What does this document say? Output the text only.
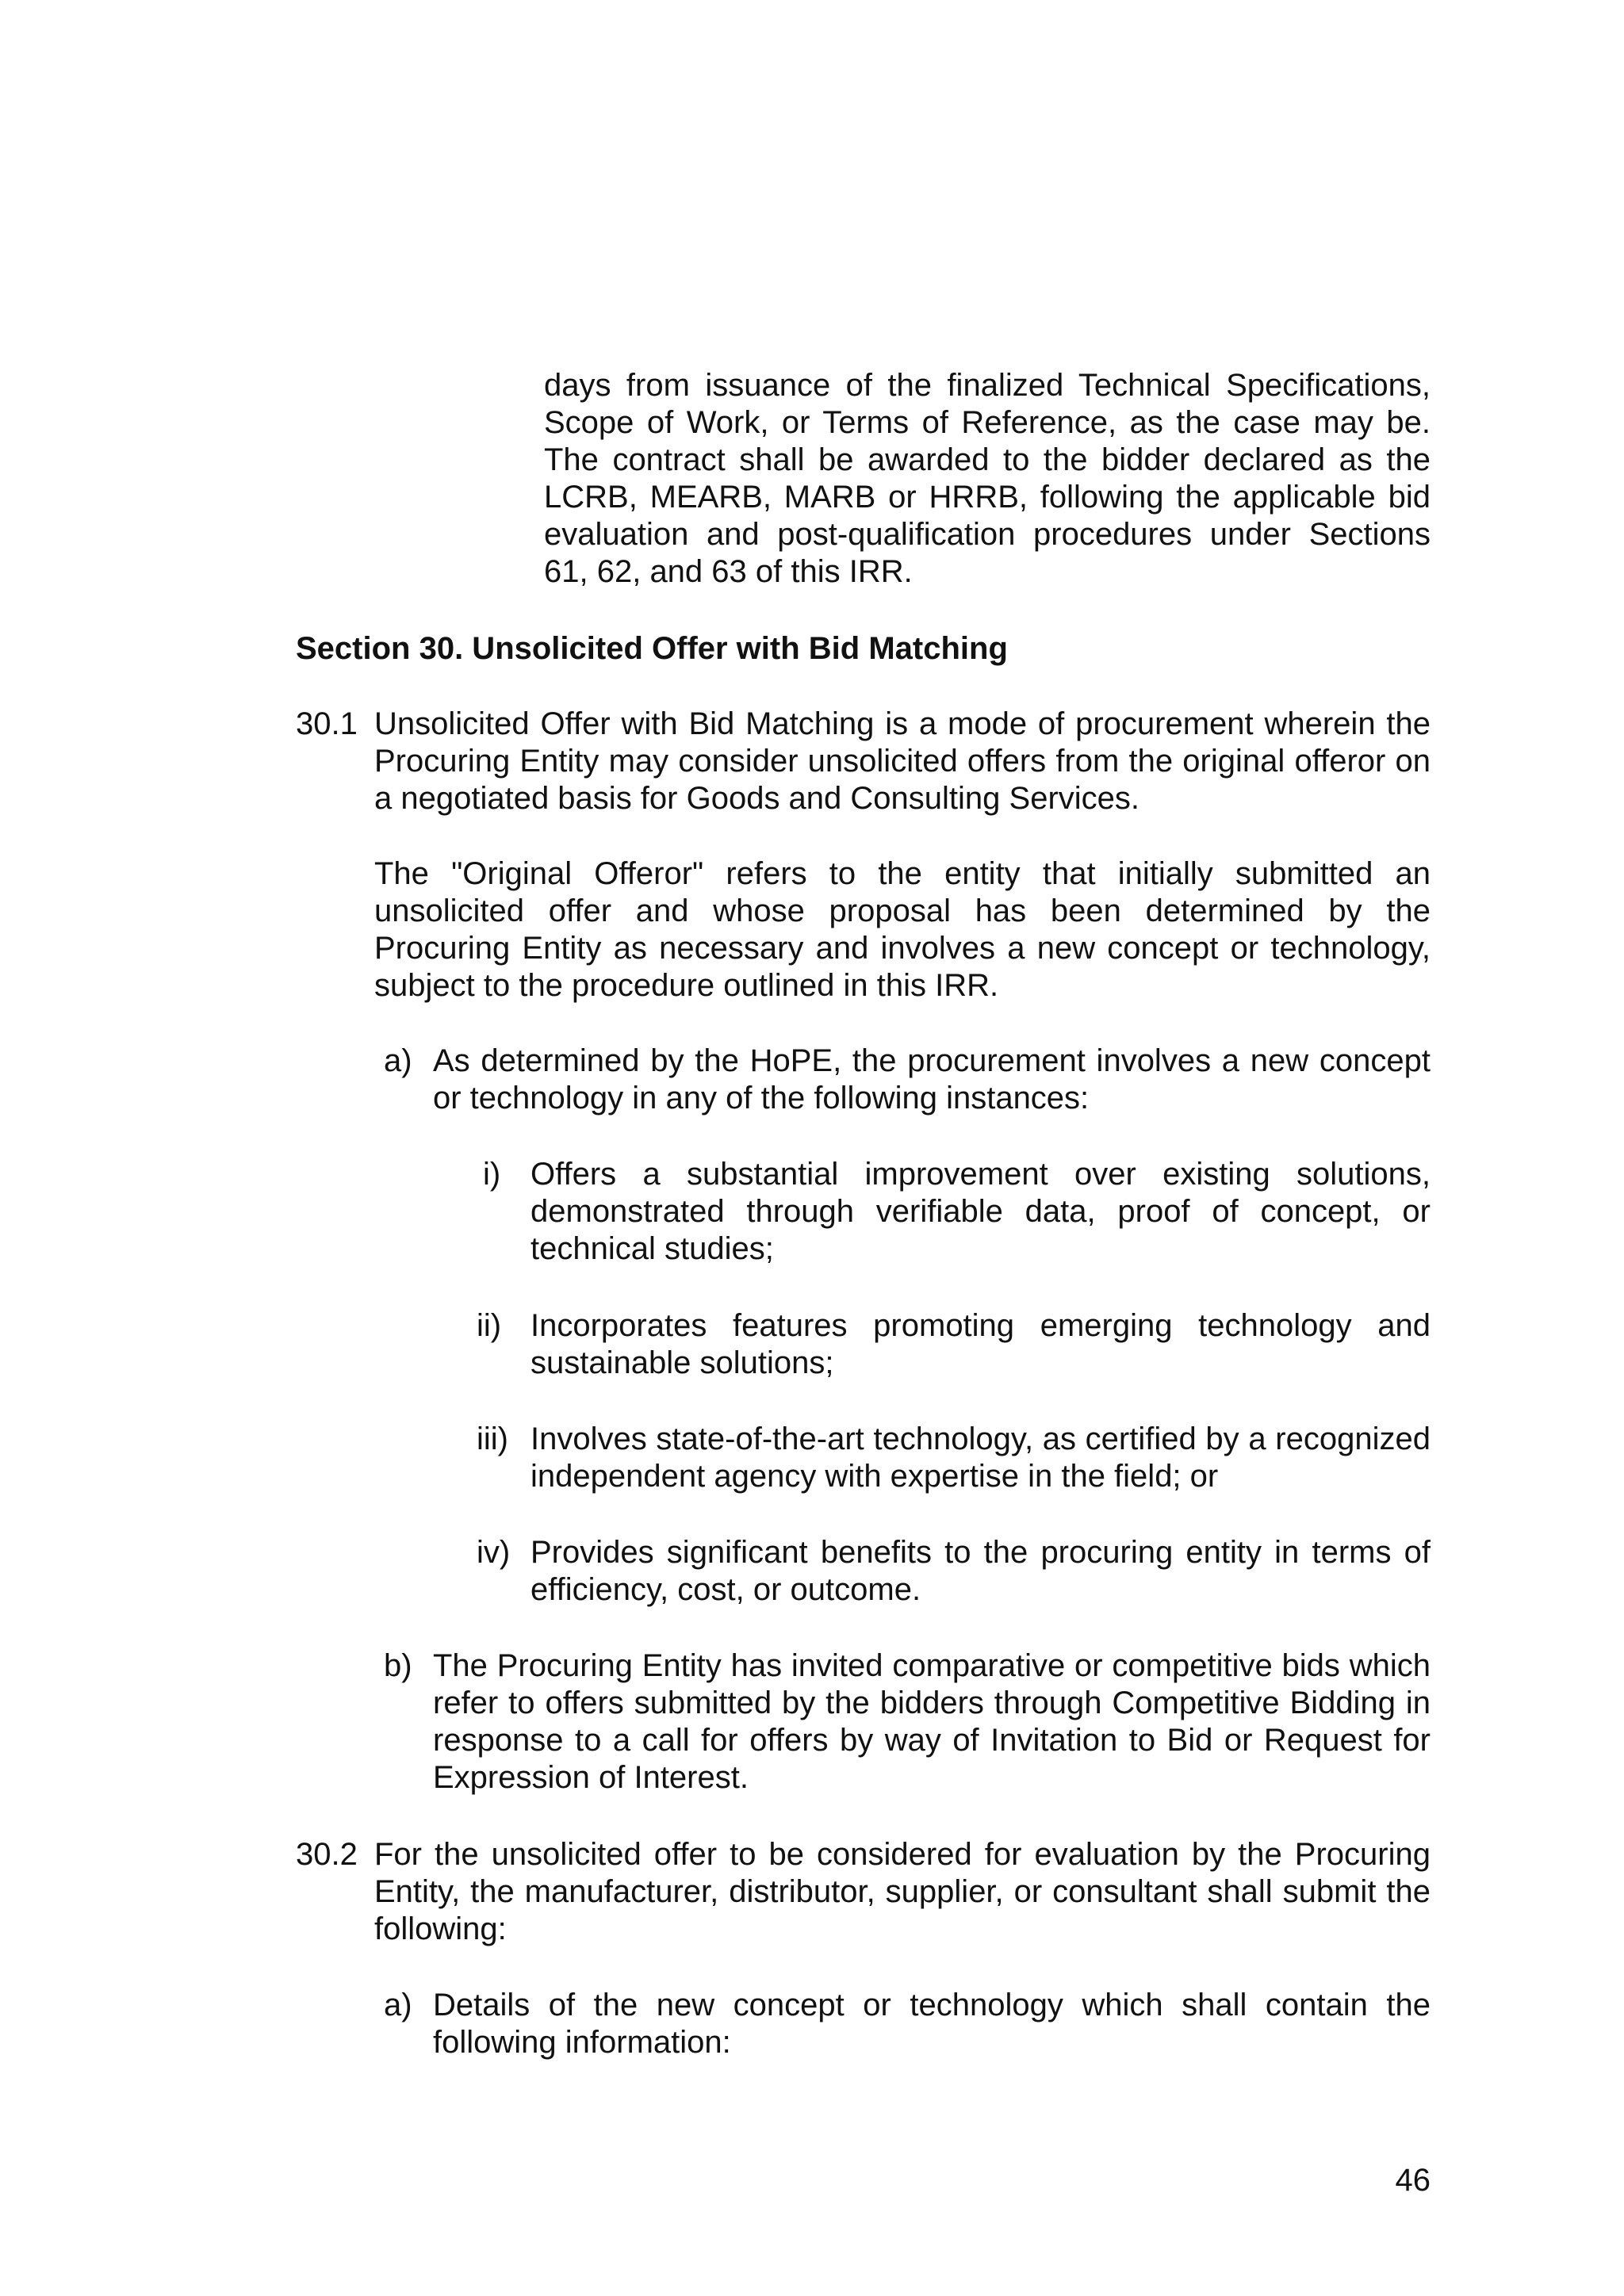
days from issuance of the finalized Technical Specifications, Scope of Work, or Terms of Reference, as the case may be. The contract shall be awarded to the bidder declared as the LCRB, MEARB, MARB or HRRB, following the applicable bid evaluation and post-qualification procedures under Sections 61, 62, and 63 of this IRR.

Section 30. Unsolicited Offer with Bid Matching
30.1 Unsolicited Offer with Bid Matching is a mode of procurement wherein the Procuring Entity may consider unsolicited offers from the original offeror on a negotiated basis for Goods and Consulting Services.

The "Original Offeror" refers to the entity that initially submitted an unsolicited offer and whose proposal has been determined by the Procuring Entity as necessary and involves a new concept or technology, subject to the procedure outlined in this IRR.

a) As determined by the HoPE, the procurement involves a new concept or technology in any of the following instances:

i) Offers a substantial improvement over existing solutions, demonstrated through verifiable data, proof of concept, or technical studies;

ii) Incorporates features promoting emerging technology and sustainable solutions;

iii) Involves state-of-the-art technology, as certified by a recognized independent agency with expertise in the field; or

iv) Provides significant benefits to the procuring entity in terms of efficiency, cost, or outcome.

b) The Procuring Entity has invited comparative or competitive bids which refer to offers submitted by the bidders through Competitive Bidding in response to a call for offers by way of Invitation to Bid or Request for Expression of Interest.

30.2 For the unsolicited offer to be considered for evaluation by the Procuring Entity, the manufacturer, distributor, supplier, or consultant shall submit the following:

a) Details of the new concept or technology which shall contain the following information:

46
